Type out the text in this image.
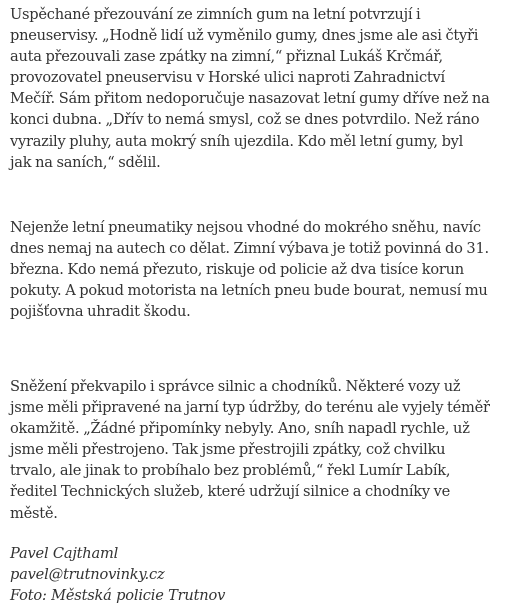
Uspěchané přezouvání ze zimních gum na letní potvrzují i
pneuservisy. „Hodně lidí už vyměnilo gumy, dnes jsme ale asi čtyři
auta přezouvali zase zpátky na zimní,“ přiznal Lukáš Krčmář,
provozovatel pneuservisu v Horské ulici naproti Zahradnictví
Mečíř. Sám přitom nedoporučuje nasazovat letní gumy dříve než na
konci dubna. „Dřív to nemá smysl, což se dnes potvrdilo. Než ráno
vyrazily pluhy, auta mokrý sníh ujezdila. Kdo měl letní gumy, byl
jak na saních,“ sdělil.

Nejenže letní pneumatiky nejsou vhodné do mokrého sněhu, navíc
dnes nemaj na autech co dělat. Zimní výbava je totiž povinná do 31.
března. Kdo nemá přezuto, riskuje od policie až dva tisíce korun
pokuty. A pokud motorista na letních pneu bude bourat, nemusí mu
pojišťovna uhradit škodu.

Sněžení překvapilo i správce silnic a chodníků. Některé vozy už
jsme měli připravené na jarní typ údržby, do terénu ale vyjely téměř
okamžitě. „Žádné připomínky nebyly. Ano, sníh napadl rychle, už
jsme měli přestrojeno. Tak jsme přestrojili zpátky, což chvilku
trvalo, ale jinak to probíhalo bez problémů,“ řekl Lumír Labík,
ředitel Technických služeb, které udržují silnice a chodníky ve
městě.

Pavel Cajthaml
pavel@trutnovinky.cz
Foto: Městská policie Trutnov
